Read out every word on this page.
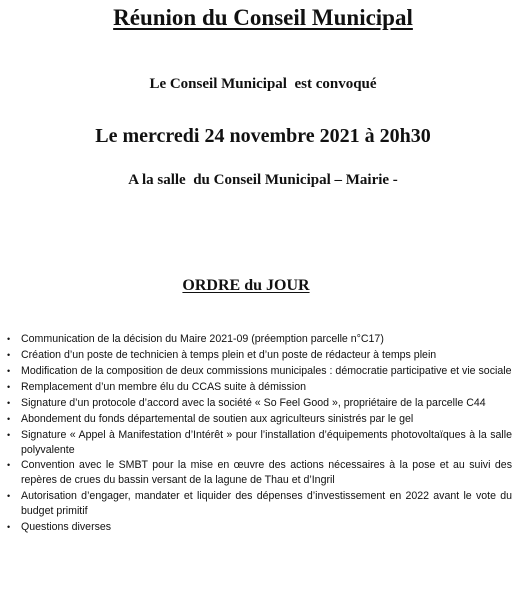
Réunion du Conseil Municipal
Le Conseil Municipal  est convoqué
Le mercredi 24 novembre 2021 à 20h30
A la salle  du Conseil Municipal – Mairie -
ORDRE du JOUR
•	Communication de la décision du Maire 2021-09 (préemption parcelle n°C17)
•	Création d’un poste de technicien à temps plein et d’un poste de rédacteur à temps plein
•	Modification de la composition de deux commissions municipales : démocratie participative et vie sociale
•	Remplacement d’un membre élu du CCAS suite à démission
•	Signature d’un protocole d’accord avec la société « So Feel Good », propriétaire de la parcelle C44
•	Abondement du fonds départemental de soutien aux agriculteurs sinistrés par le gel
•	Signature « Appel à Manifestation d’Intérêt » pour l’installation d’équipements photovoltaïques à la salle polyvalente
•	Convention avec le SMBT pour la mise en œuvre des actions nécessaires à la pose et au suivi des repères de crues du bassin versant de la lagune de Thau et d’Ingril
•	Autorisation d’engager, mandater et liquider des dépenses d’investissement en 2022 avant le vote du budget primitif
•	Questions diverses
